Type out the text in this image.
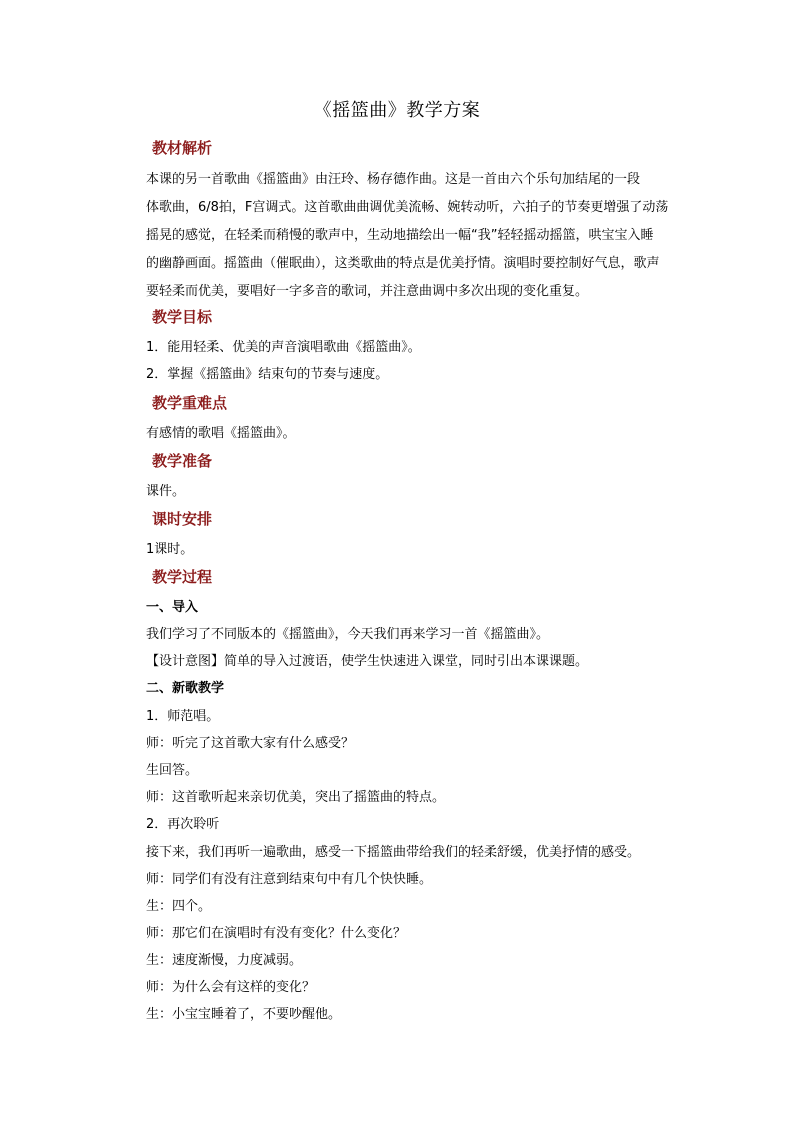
《摇篮曲》教学方案
教材解析
本课的另一首歌曲《摇篮曲》由汪玲、杨存德作曲。这是一首由六个乐句加结尾的一段
体歌曲，6/8拍，F宫调式。这首歌曲曲调优美流畅、婉转动听，六拍子的节奏更增强了动荡
摇晃的感觉，在轻柔而稍慢的歌声中，生动地描绘出一幅“我”轻轻摇动摇篮，哄宝宝入睡
的幽静画面。摇篮曲（催眠曲），这类歌曲的特点是优美抒情。演唱时要控制好气息，歌声
要轻柔而优美，要唱好一字多音的歌词，并注意曲调中多次出现的变化重复。
教学目标
1．能用轻柔、优美的声音演唱歌曲《摇篮曲》。
2．掌握《摇篮曲》结束句的节奏与速度。
教学重难点
有感情的歌唱《摇篮曲》。
教学准备
课件。
课时安排
1课时。
教学过程
一、导入
我们学习了不同版本的《摇篮曲》，今天我们再来学习一首《摇篮曲》。
【设计意图】简单的导入过渡语，使学生快速进入课堂，同时引出本课课题。
二、新歌教学
1．师范唱。
师：听完了这首歌大家有什么感受？
生回答。
师：这首歌听起来亲切优美，突出了摇篮曲的特点。
2．再次聆听
接下来，我们再听一遍歌曲，感受一下摇篮曲带给我们的轻柔舒缓，优美抒情的感受。
师：同学们有没有注意到结束句中有几个快快睡。
生：四个。
师：那它们在演唱时有没有变化？什么变化？
生：速度渐慢，力度减弱。
师：为什么会有这样的变化？
生：小宝宝睡着了，不要吵醒他。
